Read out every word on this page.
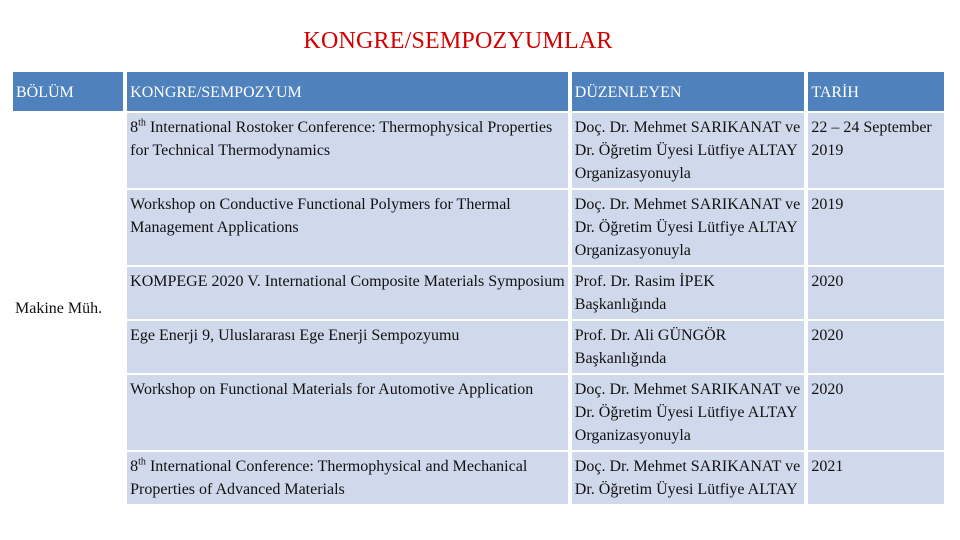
KONGRE/SEMPOZYUMLAR
BÖLÜM	KONGRE/SEMPOZYUM	DÜZENLEYEN	TARİH
Makine Müh.	8th International Rostoker Conference: Thermophysical Properties for Technical Thermodynamics	Doç. Dr. Mehmet SARIKANAT ve Dr. Öğretim Üyesi Lütfiye ALTAY Organizasyonuyla	22 – 24 September 2019
	Workshop on Conductive Functional Polymers for Thermal Management Applications	Doç. Dr. Mehmet SARIKANAT ve Dr. Öğretim Üyesi Lütfiye ALTAY Organizasyonuyla	2019
	KOMPEGE 2020 V. International Composite Materials Symposium	Prof. Dr. Rasim İPEK Başkanlığında	2020
	Ege Enerji 9, Uluslararası Ege Enerji Sempozyumu	Prof. Dr. Ali GÜNGÖR Başkanlığında	2020
	Workshop on Functional Materials for Automotive Application	Doç. Dr. Mehmet SARIKANAT ve Dr. Öğretim Üyesi Lütfiye ALTAY Organizasyonuyla	2020
	8th International Conference: Thermophysical and Mechanical Properties of Advanced Materials	Doç. Dr. Mehmet SARIKANAT ve Dr. Öğretim Üyesi Lütfiye ALTAY	2021
